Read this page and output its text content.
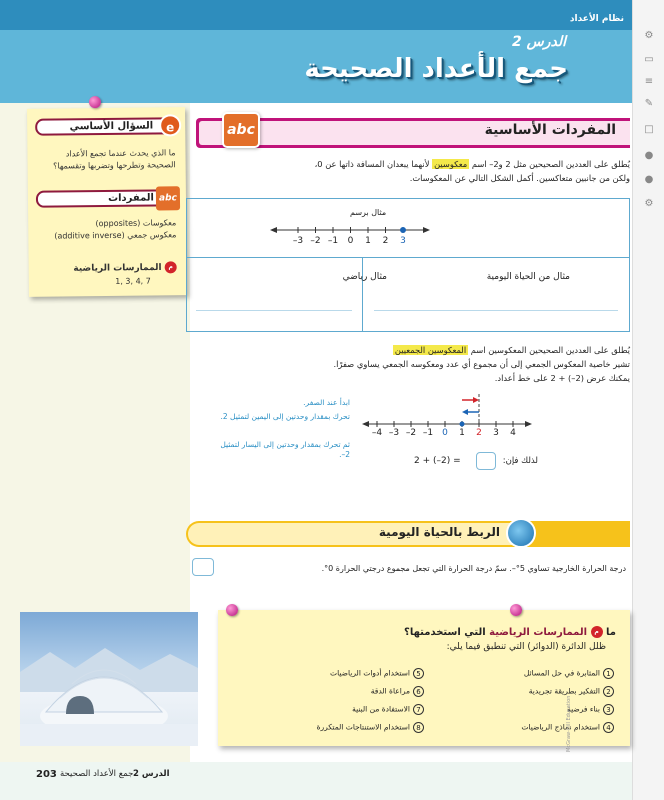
نظام الأعداد
الدرس 2
جمع الأعداد الصحيحة
⚙
▭
≡
✎
□
●
●
⚙
السؤال الأساسي	e
ما الذي يحدث عندما تجمع الأعداد
الصحيحة وتطرحها وتضربها وتقسمها؟
المفردات abc
معكوسات (opposites)
معكوس جمعي (additive inverse)
م الممارسات الرياضية
1, 3, 4, 7
المفردات الأساسية
abc
يُطلق على العددين الصحيحين مثل 2 و2– اسم معكوسين لأنهما يبعدان المسافة ذاتها عن 0،
ولكن من جانبين متعاكسين. أكمل الشكل التالي عن المعكوسات.
مثال برسم
3– 2– 1–	0	1	2	3
مثال من الحياة اليومية
مثال رياضي
يُطلق على العددين الصحيحين المعكوسين اسم المعكوسين الجمعيين
تشير خاصية المعكوس الجمعي إلى أن مجموع أي عدد ومعكوسه الجمعي يساوي صفرًا.
يمكنك عرض (2–) + 2 على خط أعداد.
ابدأ عند الصفر.
تحرك بمقدار وحدتين إلى اليمين لتمثيل 2.
ثم تحرك بمقدار وحدتين إلى اليسار لتمثيل 2–.
4– 3– 2– 1–	0	1	2	3	4
لذلك فإن:
2 + (–2) =
الربط بالحياة اليومية
درجة الحرارة الخارجية تساوي 5°–. سمّ درجة الحرارة التي تجعل مجموع درجتي الحرارة 0°.
ما م الممارسات الرياضية التي استخدمتها؟
ظلل الدائرة (الدوائر) التي تنطبق فيما يلي:
1المثابرة في حل المسائل
2التفكير بطريقة تجريدية
3بناء فرضية
4استخدام نماذج الرياضيات
5استخدام أدوات الرياضيات
6مراعاة الدقة
7الاستفادة من البنية
8استخدام الاستنتاجات المتكررة	McGraw-Hill Education
203 جمع الأعداد الصحيحة الدرس 2
